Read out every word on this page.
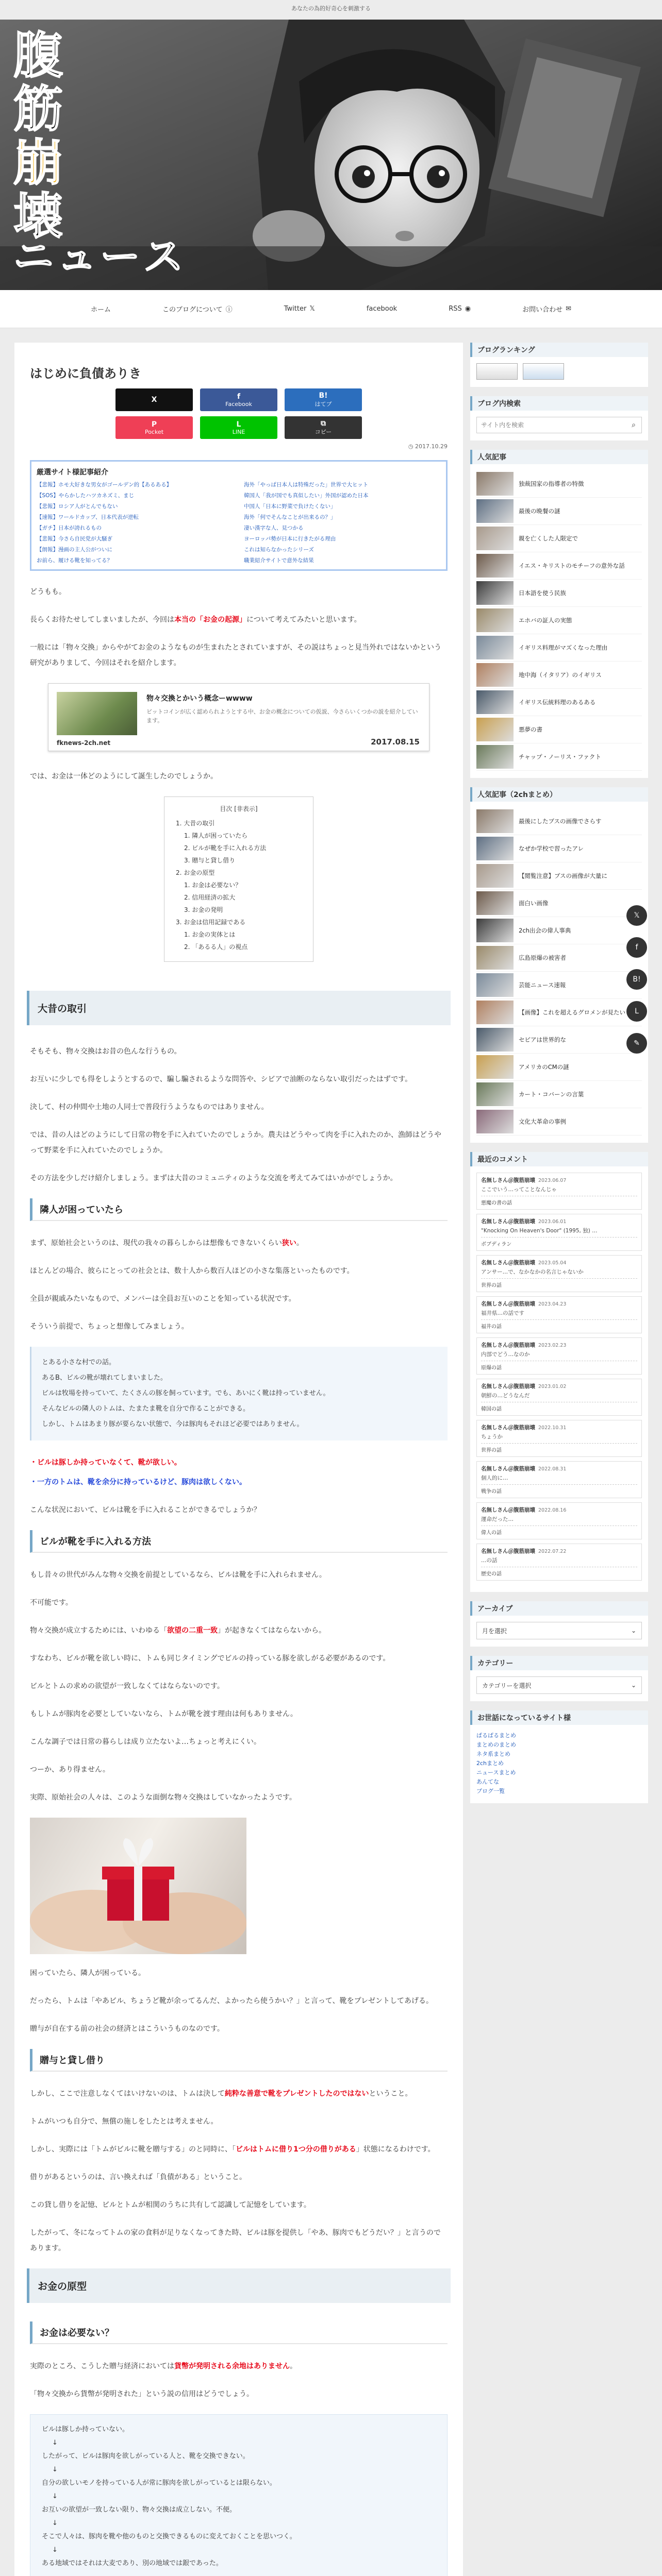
あなたの為的好奇心を刺激する
腹
筋
崩
壊
ニ ュ ー ス
ホーム	このブログについて ⓘ	Twitter 𝕏	facebook	RSS ◉	お問い合わせ ✉
はじめに負債ありき
X	f
Facebook
B!
はてブ
P
Pocket
L
LINE
⧉
コピー
◷ 2017.10.29
厳選サイト様記事紹介
【悲報】ホモ大好きな男女がゴールデン的【あるある】	海外「やっぱ日本人は特殊だった」世界で大ヒット
【SOS】やらかしたハツカネズミ、まじ	韓国人「我が国でも真似したい」外国が認めた日本
【悲報】ロシア人がとんでもない	中国人「日本に野菜で負けたくない」
【速報】ワールドカップ、日本代表が逆転	海外「何でそんなことが出来るの？」
【ガチ】日本が誇れるもの	凄い漢字な人、見つかる
【悲報】今さら自民党が大騒ぎ	ヨーロッパ勢が日本に行きたがる理由
【朗報】漫画の主人公がついに	これは知らなかったシリーズ
お前ら、履ける靴を知ってる？	職業紹介サイトで意外な結果
どうもも。
長らくお待たせしてしまいましたが、今回は本当の「お金の起源」について考えてみたいと思います。
一般には「物々交換」からやがてお金のようなものが生まれたとされていますが、その説はちょっと見当外れではないかという研究がありまして、今回はそれを紹介します。
物々交換とかいう概念ーwwww
ビットコインが広く認められようとする中、お金の概念についての仮説、今さらいくつかの説を紹介しています。
fknews-2ch.net	2017.08.15
では、お金は一体どのようにして誕生したのでしょうか。
目次 [非表示]
1. 大昔の取引
1. 隣人が困っていたら
2. ビルが靴を手に入れる方法
3. 贈与と貸し借り
2. お金の原型
1. お金は必要ない？
2. 信用経済の拡大
3. お金の発明
3. お金は信用記録である
1. お金の実体とは
2. 「あるる人」の視点
大昔の取引
そもそも、物々交換はお昔の色んな行うもの。
お互いに少しでも得をしようとするので、騙し騙されるような問答や、シビアで油断のならない取引だったはずです。
決して、村の仲間や土地の人同士で普段行うようなものではありません。
では、昔の人はどのようにして日常の物を手に入れていたのでしょうか。農夫はどうやって肉を手に入れたのか、漁師はどうやって野菜を手に入れていたのでしょうか。
その方法を少しだけ紹介しましょう。まずは大昔のコミュニティのような交流を考えてみてはいかがでしょうか。
隣人が困っていたら
まず、原始社会というのは、現代の我々の暮らしからは想像もできないくらい狭い。
ほとんどの場合、彼らにとっての社会とは、数十人から数百人ほどの小さな集落といったものです。
全員が親戚みたいなもので、メンバーは全員お互いのことを知っている状況です。
そういう前提で、ちょっと想像してみましょう。
とある小さな村での話。
あるB、ビルの靴が壊れてしまいました。
ビルは牧場を持っていて、たくさんの豚を飼っています。でも、あいにく靴は持っていません。
そんなビルの隣人のトムは、たまたま靴を自分で作ることができる。
しかし、トムはあまり豚が要らない状態で、今は豚肉もそれほど必要ではありません。
・ビルは豚しか持っていなくて、靴が欲しい。
・一方のトムは、靴を余分に持っているけど、豚肉は欲しくない。
こんな状況において、ビルは靴を手に入れることができるでしょうか？
ビルが靴を手に入れる方法
もし昔々の世代がみんな物々交換を前提としているなら、ビルは靴を手に入れられません。
不可能です。
物々交換が成立するためには、いわゆる「欲望の二重一致」が起きなくてはならないから。
すなわち、ビルが靴を欲しい時に、トムも同じタイミングでビルの持っている豚を欲しがる必要があるのです。
ビルとトムの求めの欲望が一致しなくてはならないのです。
もしトムが豚肉を必要としていないなら、トムが靴を渡す理由は何もありません。
こんな調子では日常の暮らしは成り立たないよ…ちょっと考えにくい。
つーか、あり得ません。
実際、原始社会の人々は、このような面倒な物々交換はしていなかったようです。
困っていたら、隣人が困っている。
だったら、トムは「やあビル、ちょうど靴が余ってるんだ、よかったら使うかい？」と言って、靴をプレゼントしてあげる。
贈与が自在する前の社会の経済とはこういうものなのです。
贈与と貸し借り
しかし、ここで注意しなくてはいけないのは、トムは決して純粋な善意で靴をプレゼントしたのではないということ。
トムがいつも自分で、無償の施しをしたとは考えません。
しかし、実際には「トムがビルに靴を贈与する」のと同時に、「ビルはトムに借り1つ分の借りがある」状態になるわけです。
借りがあるというのは、言い換えれば「負債がある」ということ。
この貸し借りを記憶、ビルとトムが相関のうちに共有して認識して記憶をしています。
したがって、冬になってトムの家の食料が足りなくなってきた時、ビルは豚を提供し「やあ、豚肉でもどうだい？」と言うのであります。
お金の原型
お金は必要ない？
実際のところ、こうした贈与経済においては貨幣が発明される余地はありません。
「物々交換から貨幣が発明された」という説の信用はどうでしょう。
ビルは豚しか持っていない。
↓
したがって、ビルは豚肉を欲しがっている人と、靴を交換できない。
↓
自分の欲しいモノを持っている人が常に豚肉を欲しがっているとは限らない。
↓
お互いの欲望が一致しない限り、物々交換は成立しない。不便。
↓
そこで人々は、豚肉を靴や他のものと交換できるものに変えておくことを思いつく。
↓
ある地域ではそれは大麦であり、別の地域では銀であった。
ブログランキング
ブログ内検索
サイト内を検索
⌕
人気記事
独裁国家の指導者の特徴
最後の晩餐の謎
親を亡くした人限定で
イエス・キリストのモチーフの意外な話
日本語を使う民族
エホバの証人の実態
イギリス料理がマズくなった理由
地中海（イタリア）のイギリス
イギリス伝統料理のあるある
悪夢の書
チャップ・ノーリス・ファクト
人気記事（2chまとめ）
最後にしたブスの画像でさらす
なぜか学校で習ったアレ
【閲覧注意】ブスの画像が大量に
面白い画像
2ch出会の偉人事典
広島原爆の被害者
芸能ニュース速報
【画像】これを超えるグロメンが見たい
セピアは世界的な
アメリカのCMの謎
カート・コバーンの言葉
文化大革命の事例
最近のコメント
名無しさん＠腹筋崩壊 2023.06.07
ここでいう…ってことなんじゃ
悪魔の書の話
名無しさん＠腹筋崩壊 2023.06.01
"Knocking On Heaven's Door" (1995, 独) …
ボブディラン
名無しさん＠腹筋崩壊 2023.05.04
アンサー…で、なかなかの名言じゃないか
世界の話
名無しさん＠腹筋崩壊 2023.04.23
福井県…の話です
福井の話
名無しさん＠腹筋崩壊 2023.02.23
内部でどう…なのか
原爆の話
名無しさん＠腹筋崩壊 2023.01.02
朝鮮の…どうなんだ
韓国の話
名無しさん＠腹筋崩壊 2022.10.31
ちょうか
世界の話
名無しさん＠腹筋崩壊 2022.08.31
個人的に…
戦争の話
名無しさん＠腹筋崩壊 2022.08.16
運命だった…
偉人の話
名無しさん＠腹筋崩壊 2022.07.22
…の話
歴史の話
アーカイブ
月を選択	⌄
カテゴリー
カテゴリーを選択	⌄
お世話になっているサイト様
ぱるぱるまとめ
まとめのまとめ
ネタ系まとめ
2chまとめ
ニュースまとめ
あんてな
ブログ一覧
𝕏
f
B!
L
✎
